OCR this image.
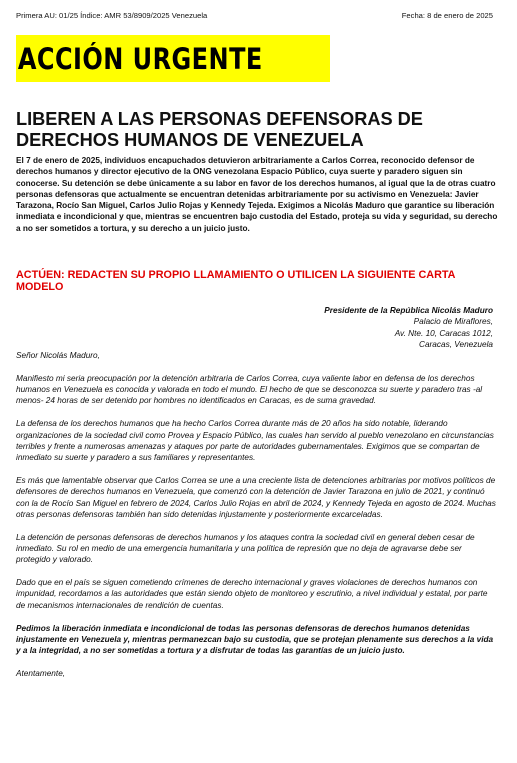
Primera AU: 01/25 Índice: AMR 53/8909/2025 Venezuela	Fecha: 8 de enero de 2025
ACCIÓN URGENTE
LIBEREN A LAS PERSONAS DEFENSORAS DE DERECHOS HUMANOS DE VENEZUELA

El 7 de enero de 2025, individuos encapuchados detuvieron arbitrariamente a Carlos Correa, reconocido defensor de derechos humanos y director ejecutivo de la ONG venezolana Espacio Público, cuya suerte y paradero siguen sin conocerse. Su detención se debe únicamente a su labor en favor de los derechos humanos, al igual que la de otras cuatro personas defensoras que actualmente se encuentran detenidas arbitrariamente por su activismo en Venezuela: Javier Tarazona, Rocío San Miguel, Carlos Julio Rojas y Kennedy Tejeda. Exigimos a Nicolás Maduro que garantice su liberación inmediata e incondicional y que, mientras se encuentren bajo custodia del Estado, proteja su vida y seguridad, su derecho a no ser sometidos a tortura, y su derecho a un juicio justo.

ACTÚEN: REDACTEN SU PROPIO LLAMAMIENTO O UTILICEN LA SIGUIENTE CARTA MODELO

Presidente de la República Nicolás Maduro
Palacio de Miraflores,
Av. Nte. 10, Caracas 1012,
Caracas, Venezuela

Señor Nicolás Maduro,

Manifiesto mi seria preocupación por la detención arbitraria de Carlos Correa, cuya valiente labor en defensa de los derechos humanos en Venezuela es conocida y valorada en todo el mundo. El hecho de que se desconozca su suerte y paradero tras -al menos- 24 horas de ser detenido por hombres no identificados en Caracas, es de suma gravedad.

La defensa de los derechos humanos que ha hecho Carlos Correa durante más de 20 años ha sido notable, liderando organizaciones de la sociedad civil como Provea y Espacio Público, las cuales han servido al pueblo venezolano en circunstancias terribles y frente a numerosas amenazas y ataques por parte de autoridades gubernamentales. Exigimos que se compartan de inmediato su suerte y paradero a sus familiares y representantes.

Es más que lamentable observar que Carlos Correa se une a una creciente lista de detenciones arbitrarias por motivos políticos de defensores de derechos humanos en Venezuela, que comenzó con la detención de Javier Tarazona en julio de 2021, y continuó con la de Rocío San Miguel en febrero de 2024, Carlos Julio Rojas en abril de 2024, y Kennedy Tejeda en agosto de 2024. Muchas otras personas defensoras también han sido detenidas injustamente y posteriormente excarceladas.

La detención de personas defensoras de derechos humanos y los ataques contra la sociedad civil en general deben cesar de inmediato. Su rol en medio de una emergencia humanitaria y una política de represión que no deja de agravarse debe ser protegido y valorado.

Dado que en el país se siguen cometiendo crímenes de derecho internacional y graves violaciones de derechos humanos con impunidad, recordamos a las autoridades que están siendo objeto de monitoreo y escrutinio, a nivel individual y estatal, por parte de mecanismos internacionales de rendición de cuentas.

Pedimos la liberación inmediata e incondicional de todas las personas defensoras de derechos humanos detenidas injustamente en Venezuela y, mientras permanezcan bajo su custodia, que se protejan plenamente sus derechos a la vida y a la integridad, a no ser sometidas a tortura y a disfrutar de todas las garantías de un juicio justo.

Atentamente,
